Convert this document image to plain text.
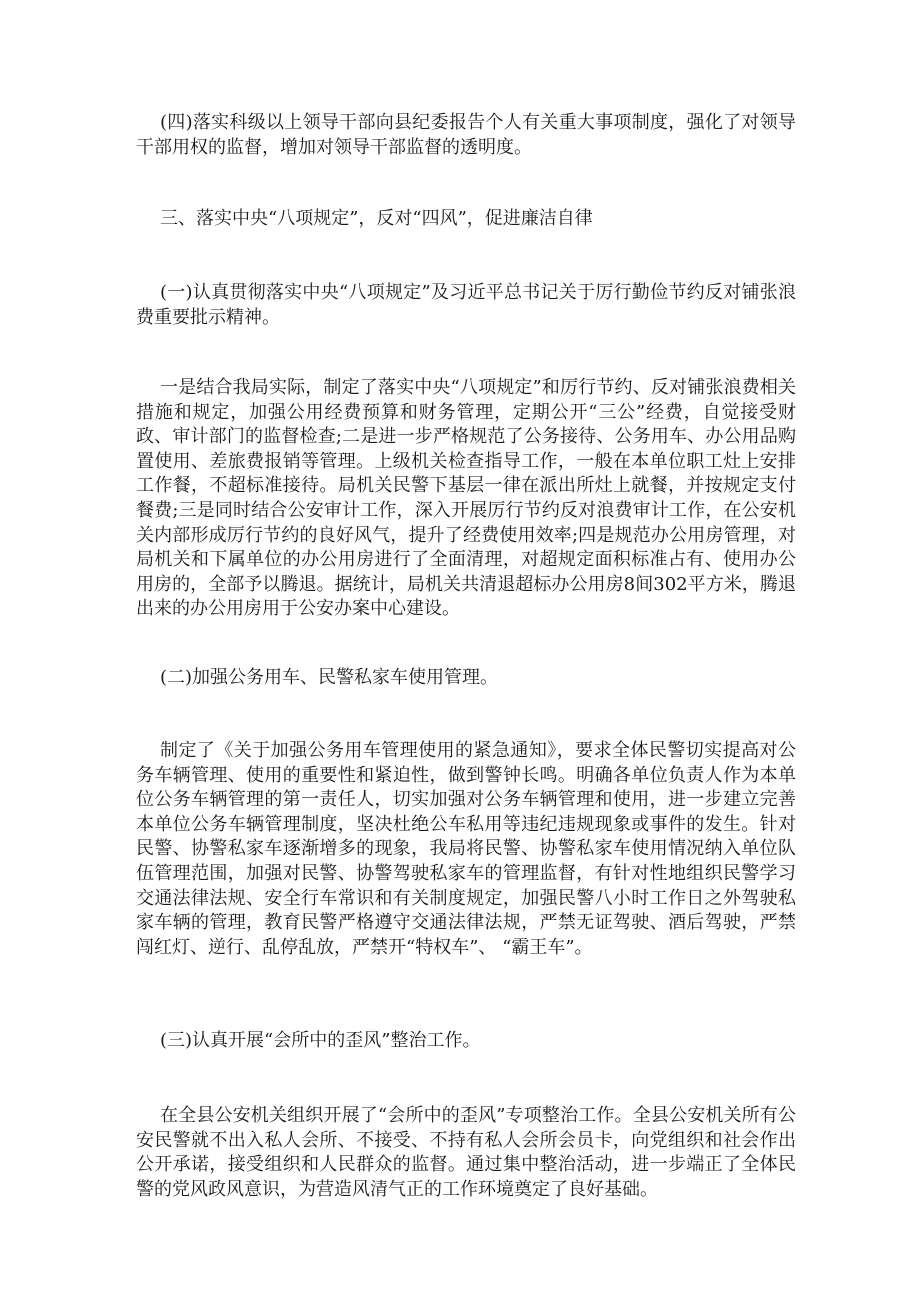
(四)落实科级以上领导干部向县纪委报告个人有关重大事项制度，强化了对领导干部用权的监督，增加对领导干部监督的透明度。

三、落实中央“八项规定”，反对“四风”，促进廉洁自律

(一)认真贯彻落实中央“八项规定”及习近平总书记关于厉行勤俭节约反对铺张浪费重要批示精神。

一是结合我局实际，制定了落实中央“八项规定”和厉行节约、反对铺张浪费相关措施和规定，加强公用经费预算和财务管理，定期公开“三公”经费，自觉接受财政、审计部门的监督检查;二是进一步严格规范了公务接待、公务用车、办公用品购置使用、差旅费报销等管理。上级机关检查指导工作，一般在本单位职工灶上安排工作餐，不超标准接待。局机关民警下基层一律在派出所灶上就餐，并按规定支付餐费;三是同时结合公安审计工作，深入开展厉行节约反对浪费审计工作，在公安机关内部形成厉行节约的良好风气，提升了经费使用效率;四是规范办公用房管理，对局机关和下属单位的办公用房进行了全面清理，对超规定面积标准占有、使用办公用房的，全部予以腾退。据统计，局机关共清退超标办公用房8间302平方米，腾退出来的办公用房用于公安办案中心建设。

(二)加强公务用车、民警私家车使用管理。

制定了《关于加强公务用车管理使用的紧急通知》，要求全体民警切实提高对公务车辆管理、使用的重要性和紧迫性，做到警钟长鸣。明确各单位负责人作为本单位公务车辆管理的第一责任人，切实加强对公务车辆管理和使用，进一步建立完善本单位公务车辆管理制度，坚决杜绝公车私用等违纪违规现象或事件的发生。针对民警、协警私家车逐渐增多的现象，我局将民警、协警私家车使用情况纳入单位队伍管理范围，加强对民警、协警驾驶私家车的管理监督，有针对性地组织民警学习交通法律法规、安全行车常识和有关制度规定，加强民警八小时工作日之外驾驶私家车辆的管理，教育民警严格遵守交通法律法规，严禁无证驾驶、酒后驾驶，严禁闯红灯、逆行、乱停乱放，严禁开“特权车”、 “霸王车”。

(三)认真开展“会所中的歪风”整治工作。

在全县公安机关组织开展了“会所中的歪风”专项整治工作。全县公安机关所有公安民警就不出入私人会所、不接受、不持有私人会所会员卡，向党组织和社会作出公开承诺，接受组织和人民群众的监督。通过集中整治活动，进一步端正了全体民警的党风政风意识，为营造风清气正的工作环境奠定了良好基础。
